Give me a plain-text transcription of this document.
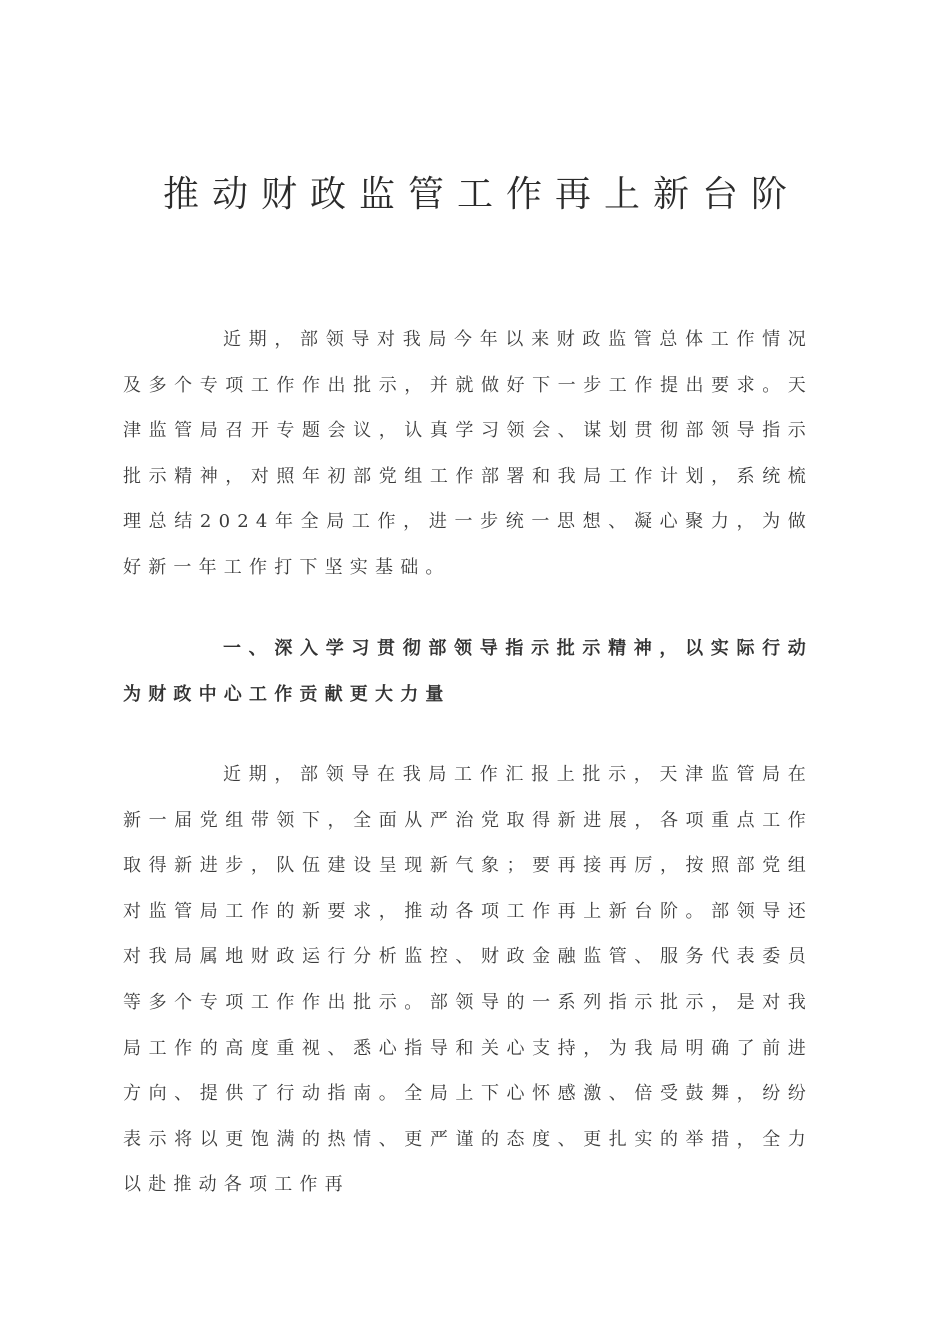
推动财政监管工作再上新台阶

近期，部领导对我局今年以来财政监管总体工作情况及多个专项工作作出批示，并就做好下一步工作提出要求。天津监管局召开专题会议，认真学习领会、谋划贯彻部领导指示批示精神，对照年初部党组工作部署和我局工作计划，系统梳理总结2024年全局工作，进一步统一思想、凝心聚力，为做好新一年工作打下坚实基础。

一、深入学习贯彻部领导指示批示精神，以实际行动为财政中心工作贡献更大力量

近期，部领导在我局工作汇报上批示，天津监管局在新一届党组带领下，全面从严治党取得新进展，各项重点工作取得新进步，队伍建设呈现新气象；要再接再厉，按照部党组对监管局工作的新要求，推动各项工作再上新台阶。部领导还对我局属地财政运行分析监控、财政金融监管、服务代表委员等多个专项工作作出批示。部领导的一系列指示批示，是对我局工作的高度重视、悉心指导和关心支持，为我局明确了前进方向、提供了行动指南。全局上下心怀感激、倍受鼓舞，纷纷表示将以更饱满的热情、更严谨的态度、更扎实的举措，全力以赴推动各项工作再
